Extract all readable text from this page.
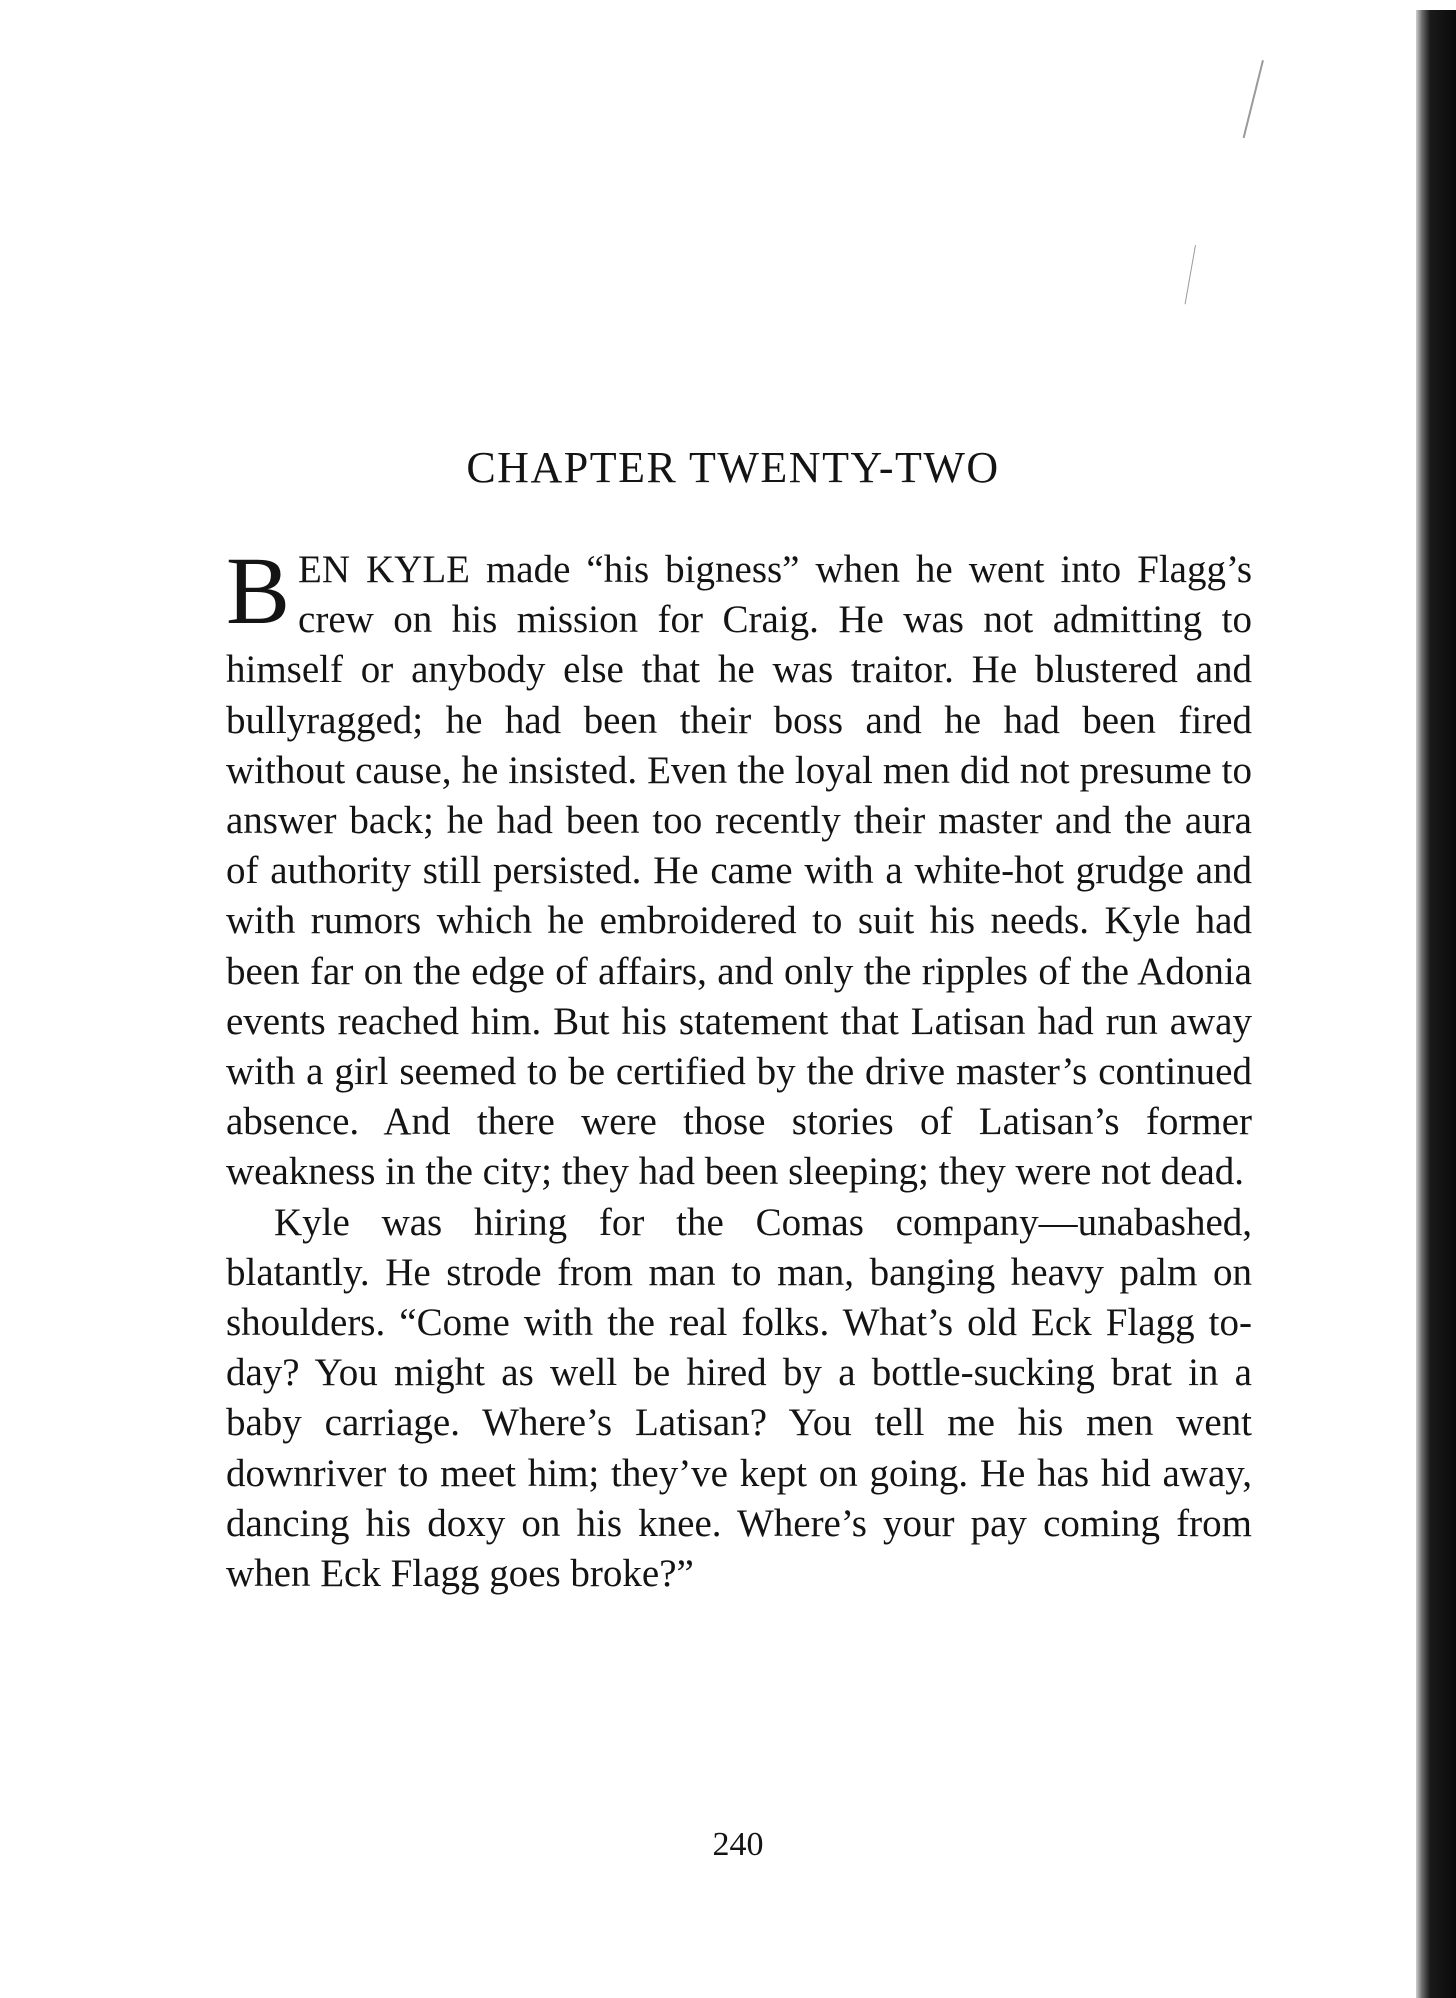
CHAPTER TWENTY-TWO

BEN KYLE made “his bigness” when he went into Flagg’s crew on his mission for Craig. He was not admitting to himself or anybody else that he was traitor. He blustered and bullyragged; he had been their boss and he had been fired without cause, he insisted. Even the loyal men did not presume to answer back; he had been too recently their master and the aura of authority still persisted. He came with a white-hot grudge and with rumors which he embroidered to suit his needs. Kyle had been far on the edge of affairs, and only the ripples of the Adonia events reached him. But his statement that Latisan had run away with a girl seemed to be certified by the drive master’s continued absence. And there were those stories of Latisan’s former weakness in the city; they had been sleeping; they were not dead.

Kyle was hiring for the Comas company—unabashed, blatantly. He strode from man to man, banging heavy palm on shoulders. “Come with the real folks. What’s old Eck Flagg to-day? You might as well be hired by a bottle-sucking brat in a baby carriage. Where’s Latisan? You tell me his men went downriver to meet him; they’ve kept on going. He has hid away, dancing his doxy on his knee. Where’s your pay coming from when Eck Flagg goes broke?”

240
